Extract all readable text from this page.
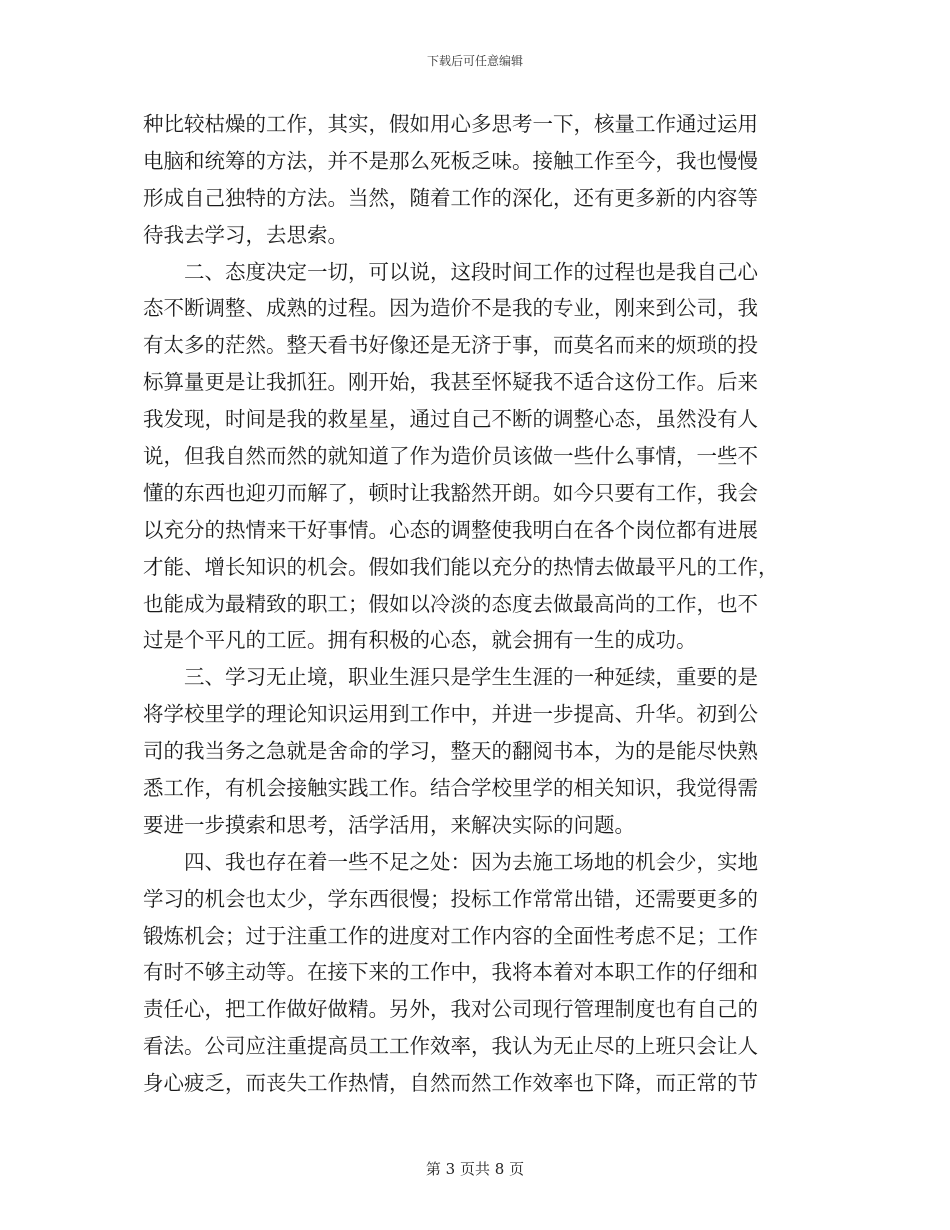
下载后可任意编辑
种比较枯燥的工作，其实，假如用心多思考一下，核量工作通过运用
电脑和统筹的方法，并不是那么死板乏味。接触工作至今，我也慢慢
形成自己独特的方法。当然，随着工作的深化，还有更多新的内容等
待我去学习，去思索。
　　二、态度决定一切，可以说，这段时间工作的过程也是我自己心
态不断调整、成熟的过程。因为造价不是我的专业，刚来到公司，我
有太多的茫然。整天看书好像还是无济于事，而莫名而来的烦琐的投
标算量更是让我抓狂。刚开始，我甚至怀疑我不适合这份工作。后来
我发现，时间是我的救星星，通过自己不断的调整心态，虽然没有人
说，但我自然而然的就知道了作为造价员该做一些什么事情，一些不
懂的东西也迎刃而解了，顿时让我豁然开朗。如今只要有工作，我会
以充分的热情来干好事情。心态的调整使我明白在各个岗位都有进展
才能、增长知识的机会。假如我们能以充分的热情去做最平凡的工作，
也能成为最精致的职工；假如以冷淡的态度去做最高尚的工作，也不
过是个平凡的工匠。拥有积极的心态，就会拥有一生的成功。
　　三、学习无止境，职业生涯只是学生生涯的一种延续，重要的是
将学校里学的理论知识运用到工作中，并进一步提高、升华。初到公
司的我当务之急就是舍命的学习，整天的翻阅书本，为的是能尽快熟
悉工作，有机会接触实践工作。结合学校里学的相关知识，我觉得需
要进一步摸索和思考，活学活用，来解决实际的问题。
　　四、我也存在着一些不足之处：因为去施工场地的机会少，实地
学习的机会也太少，学东西很慢；投标工作常常出错，还需要更多的
锻炼机会；过于注重工作的进度对工作内容的全面性考虑不足；工作
有时不够主动等。在接下来的工作中，我将本着对本职工作的仔细和
责任心，把工作做好做精。另外，我对公司现行管理制度也有自己的
看法。公司应注重提高员工工作效率，我认为无止尽的上班只会让人
身心疲乏，而丧失工作热情，自然而然工作效率也下降，而正常的节
第 3 页共 8 页
